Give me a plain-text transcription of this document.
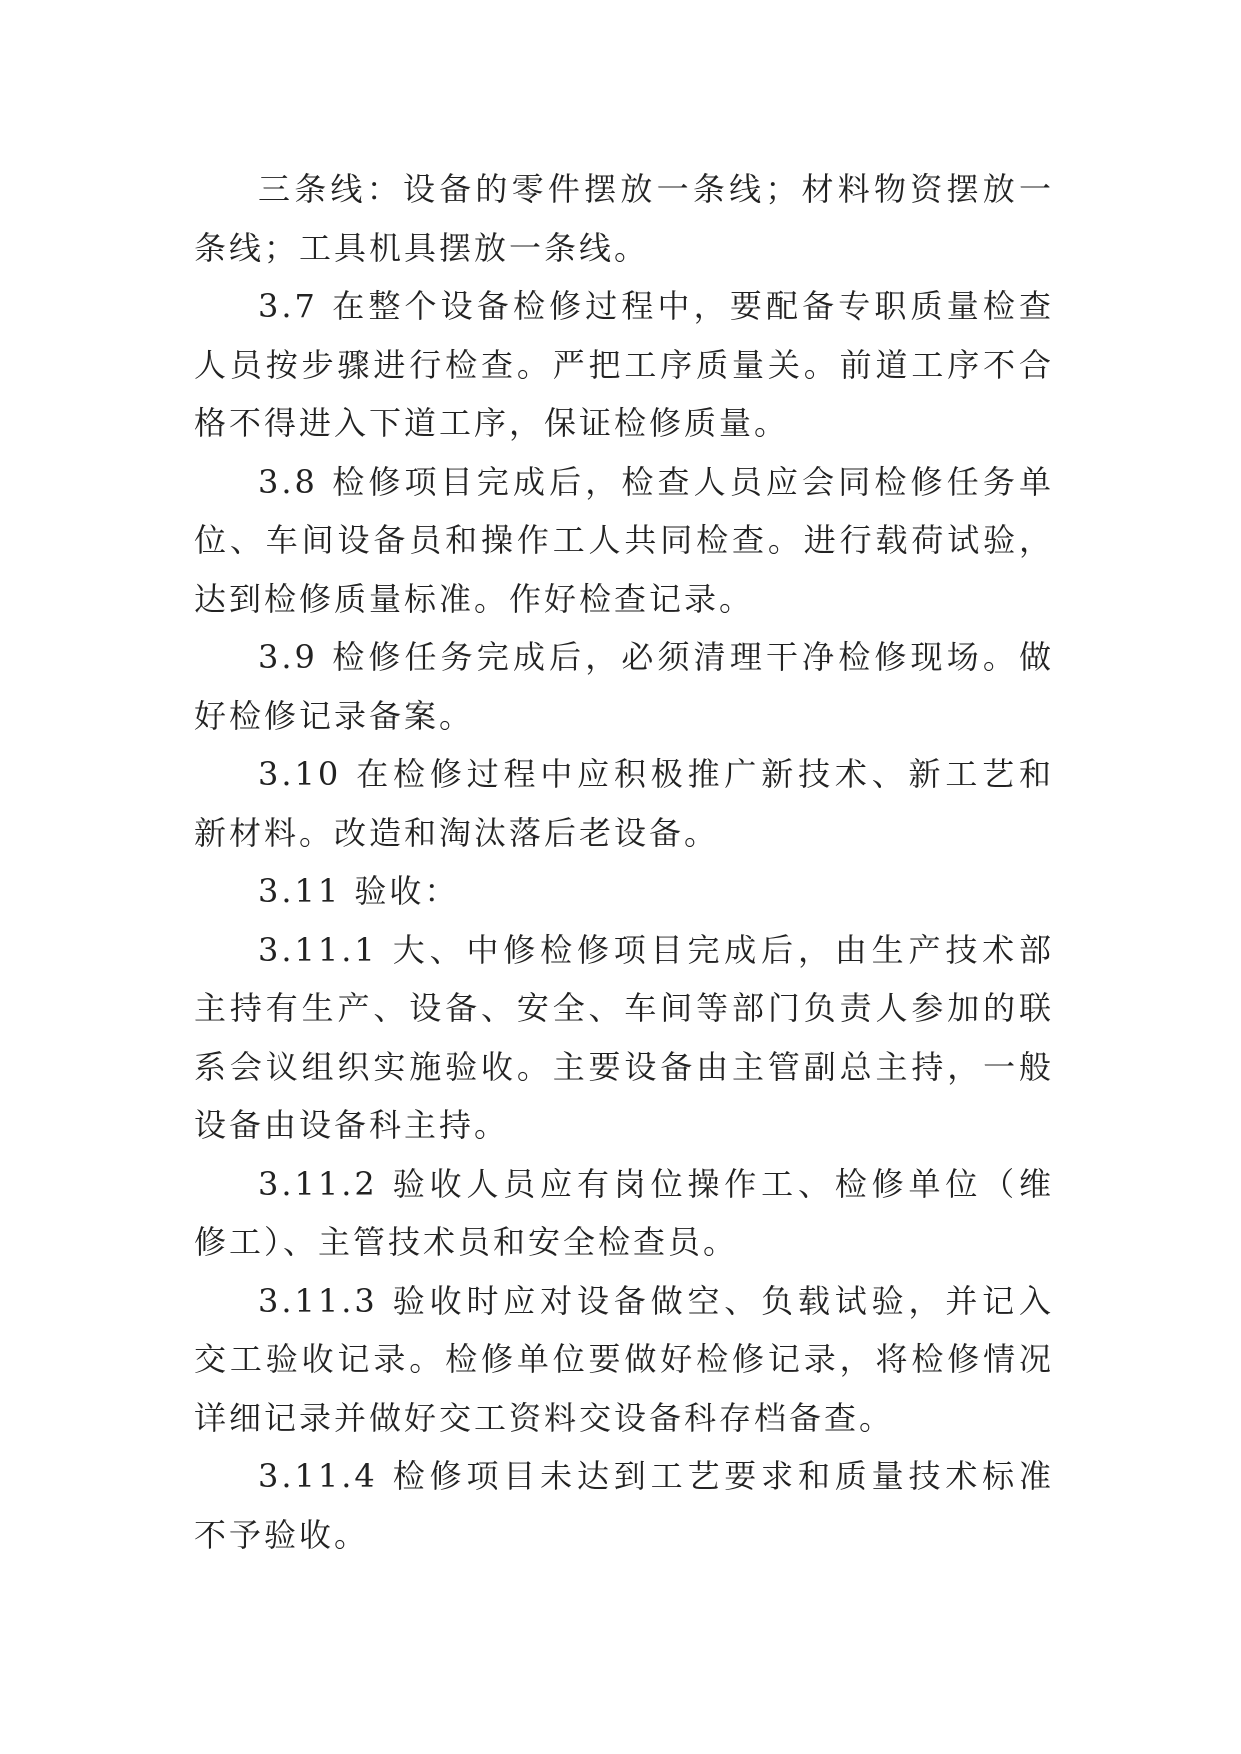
三条线：设备的零件摆放一条线；材料物资摆放一条线；工具机具摆放一条线。

3.7 在整个设备检修过程中，要配备专职质量检查人员按步骤进行检查。严把工序质量关。前道工序不合格不得进入下道工序，保证检修质量。

3.8 检修项目完成后，检查人员应会同检修任务单位、车间设备员和操作工人共同检查。进行载荷试验，达到检修质量标准。作好检查记录。

3.9 检修任务完成后，必须清理干净检修现场。做好检修记录备案。

3.10 在检修过程中应积极推广新技术、新工艺和新材料。改造和淘汰落后老设备。

3.11 验收：

3.11.1 大、中修检修项目完成后，由生产技术部主持有生产、设备、安全、车间等部门负责人参加的联系会议组织实施验收。主要设备由主管副总主持，一般设备由设备科主持。

3.11.2 验收人员应有岗位操作工、检修单位（维修工）、主管技术员和安全检查员。

3.11.3 验收时应对设备做空、负载试验，并记入交工验收记录。检修单位要做好检修记录，将检修情况详细记录并做好交工资料交设备科存档备查。

3.11.4 检修项目未达到工艺要求和质量技术标准不予验收。
